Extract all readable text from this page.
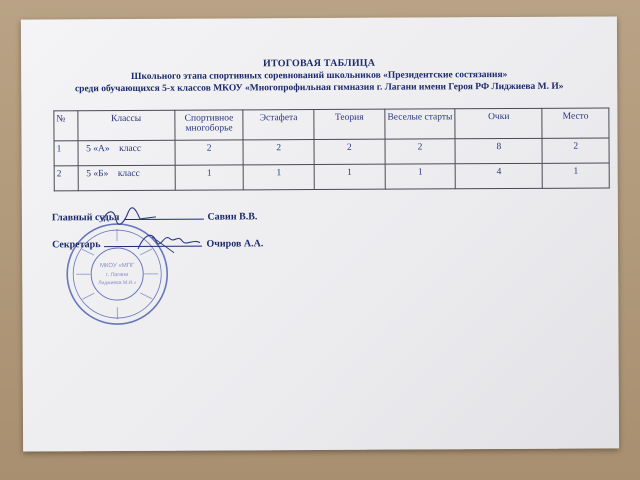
ИТОГОВАЯ ТАБЛИЦА
Школьного этапа спортивных соревнований школьников «Президентские состязания»
среди обучающихся 5-х классов МКОУ «Многопрофильная гимназия г. Лагани имени Героя РФ Лиджиева М. И»
№	Классы	Спортивное многоборье	Эстафета	Теория	Веселые старты	Очки	Место
1	5 «А»    класс	2	2	2	2	8	2
2	5 «Б»    класс	1	1	1	1	4	1
МКОУ «МПГ
г. Лагани
Лиджиева М.И.»
Главный судья	Савин В.В.
Секретарь	Очиров А.А.
